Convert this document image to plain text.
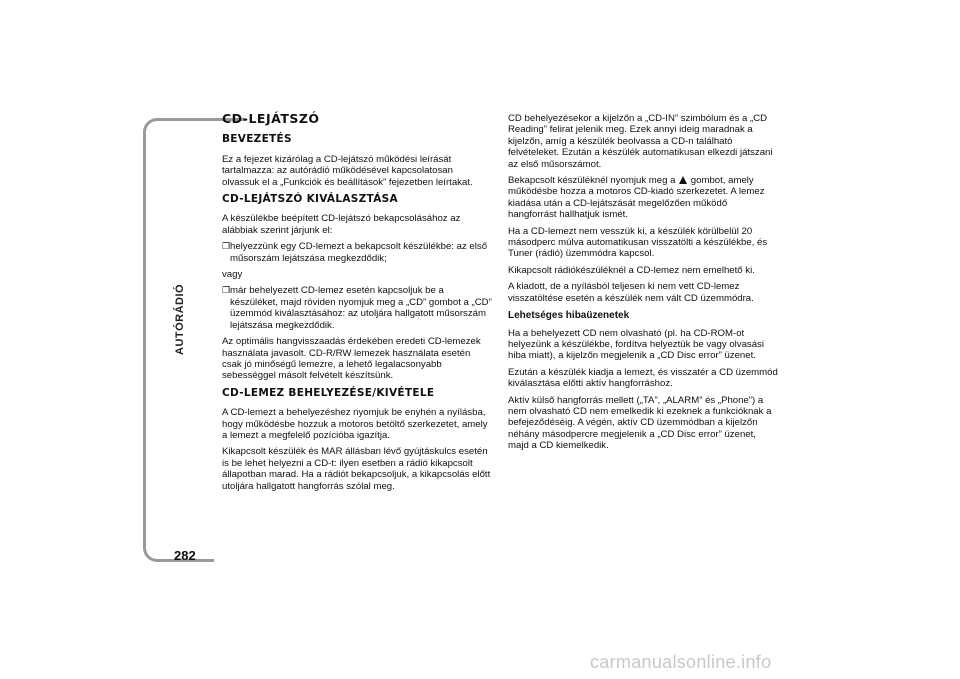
AUTÓRÁDIÓ
282
CD-LEJÁTSZÓ
BEVEZETÉS

Ez a fejezet kizárólag a CD-lejátszó működési leírását tartalmazza: az autórádió működésével kapcsolatosan olvassuk el a „Funkciók és beállítások” fejezetben leírtakat.

CD-LEJÁTSZÓ KIVÁLASZTÁSA

A készülékbe beépített CD-lejátszó bekapcsolásához az alábbiak szerint járjunk el:

❐ helyezzünk egy CD-lemezt a bekapcsolt készülékbe: az első műsorszám lejátszása megkezdődik;

vagy

❐ már behelyezett CD-lemez esetén kapcsoljuk be a készüléket, majd röviden nyomjuk meg a „CD” gombot a „CD” üzemmód kiválasztásához: az utoljára hallgatott műsorszám lejátszása megkezdődik.

Az optimális hangvisszaadás érdekében eredeti CD-lemezek használata javasolt. CD-R/RW lemezek használata esetén csak jó minőségű lemezre, a lehető legalacsonyabb sebességgel másolt felvételt készítsünk.

CD-LEMEZ BEHELYEZÉSE/KIVÉTELE

A CD-lemezt a behelyezéshez nyomjuk be enyhén a nyílásba, hogy működésbe hozzuk a motoros betöltő szerkezetet, amely a lemezt a megfelelő pozícióba igazítja.

Kikapcsolt készülék és MAR állásban lévő gyújtáskulcs esetén is be lehet helyezni a CD-t: ilyen esetben a rádió kikapcsolt állapotban marad. Ha a rádiót bekapcsoljuk, a kikapcsolás előtt utoljára hallgatott hangforrás szólal meg.

CD behelyezésekor a kijelzőn a „CD-IN” szimbólum és a „CD Reading” felirat jelenik meg. Ezek annyi ideig maradnak a kijelzőn, amíg a készülék beolvassa a CD-n található felvételeket. Ezután a készülék automatikusan elkezdi játszani az első műsorszámot.

Bekapcsolt készüléknél nyomjuk meg a gombot, amely működésbe hozza a motoros CD-kiadó szerkezetet. A lemez kiadása után a CD-lejátszását megelőzően működő hangforrást hallhatjuk ismét.

Ha a CD-lemezt nem vesszük ki, a készülék körülbelül 20 másodperc múlva automatikusan visszatölti a készülékbe, és Tuner (rádió) üzemmódra kapcsol.

Kikapcsolt rádiókészüléknél a CD-lemez nem emelhető ki.

A kiadott, de a nyílásból teljesen ki nem vett CD-lemez visszatöltése esetén a készülék nem vált CD üzemmódra.

Lehetséges hibaüzenetek

Ha a behelyezett CD nem olvasható (pl. ha CD-ROM-ot helyezünk a készülékbe, fordítva helyeztük be vagy olvasási hiba miatt), a kijelzőn megjelenik a „CD Disc error” üzenet.

Ezután a készülék kiadja a lemezt, és visszatér a CD üzemmód kiválasztása előtti aktív hangforráshoz.

Aktív külső hangforrás mellett („TA”, „ALARM” és „Phone”) a nem olvasható CD nem emelkedik ki ezeknek a funkcióknak a befejeződéséig. A végén, aktív CD üzemmódban a kijelzőn néhány másodpercre megjelenik a „CD Disc error” üzenet, majd a CD kiemelkedik.

carmanualsonline.info
